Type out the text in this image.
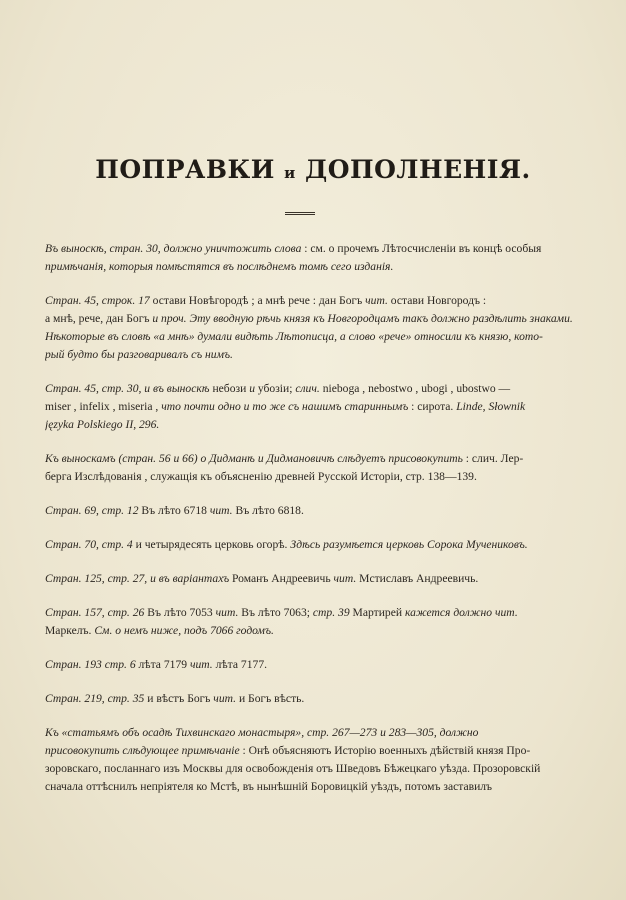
ПОПРАВКИ и ДОПОЛНЕНІЯ.
Въ выноскѣ, стран. 30, должно уничтожить слова : см. о прочемъ Лѣтосчисленіи въ концѣ особыя
примѣчанія, которыя помѣстятся въ послѣднемъ томѣ сего изданія.
Стран. 45, строк. 17 остави Новѣгородѣ ; а мнѣ рече : дан Богъ чит. остави Новгородъ :
а мнѣ, рече, дан Богъ и проч. Эту вводную рѣчь князя къ Новгородцамъ такъ должно раздѣлить знаками.
Нѣкоторые въ словѣ «а мнѣ» думали видѣть Лѣтописца, а слово «рече» относили къ князю, кото-
рый будто бы разговаривалъ съ нимъ.
Стран. 45, стр. 30, и въ выноскѣ небози и убозіи; слич. nieboga , nebostwo , ubogi , ubostwo —
miser , infelix , miseria , что почти одно и то же съ нашимъ стариннымъ : сирота. Linde, Słownik
języka Polskiego II, 296.
Къ выноскамъ (стран. 56 и 66) о Дидманѣ и Дидмановичѣ слѣдуетъ присовокупить : слич. Лер-
берга Изслѣдованія , служащія къ объясненію древней Русской Исторіи, стр. 138—139.
Стран. 69, стр. 12 Въ лѣто 6718 чит. Въ лѣто 6818.
Стран. 70, стр. 4 и четырядесять церковь огорѣ. Здѣсь разумѣется церковь Сорока Мучениковъ.
Стран. 125, стр. 27, и въ варіантахъ Романъ Андреевичь чит. Мстиславъ Андреевичь.
Стран. 157, стр. 26 Въ лѣто 7053 чит. Въ лѣто 7063; стр. 39 Мартирей кажется должно чит.
Маркелъ. См. о немъ ниже, подъ 7066 годомъ.
Стран. 193 стр. 6 лѣта 7179 чит. лѣта 7177.
Стран. 219, стр. 35 и вѣстъ Богъ чит. и Богъ вѣсть.
Къ «статьямъ объ осадѣ Тихвинскаго монастыря», стр. 267—273 и 283—305, должно
присовокупить слѣдующее примѣчаніе : Онѣ объясняютъ Исторію военныхъ дѣйствій князя Прo-
зоровскаго, посланнаго изъ Москвы для освобожденія отъ Шведовъ Бѣжецкаго уѣзда. Прозоровскій
сначала оттѣснилъ непріятеля ко Мстѣ, въ нынѣшній Боровицкій уѣздъ, потомъ заставилъ
